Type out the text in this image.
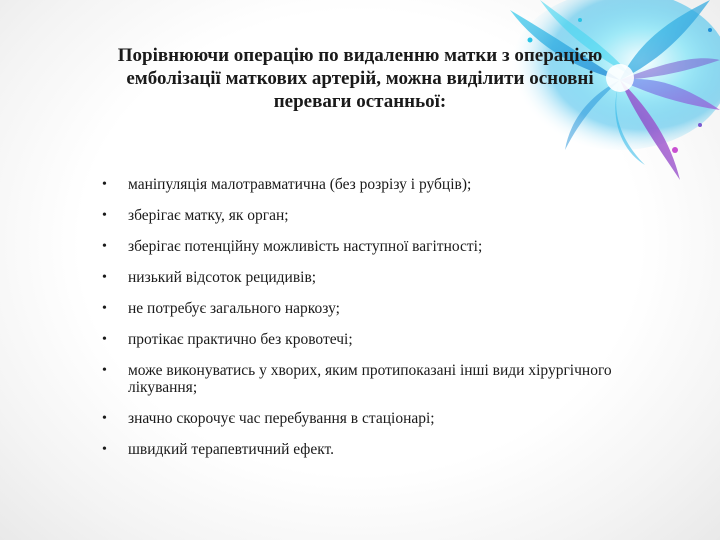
Порівнюючи операцію по видаленню матки з операцією емболізації маткових артерій, можна виділити основні переваги останньої:
• маніпуляція малотравматична (без розрізу і рубців);
• зберігає матку, як орган;
• зберігає потенційну можливість наступної вагітності;
• низький відсоток рецидивів;
• не потребує загального наркозу;
• протікає практично без кровотечі;
• може виконуватись у хворих, яким протипоказані інші види хірургічного лікування;
• значно скорочує час перебування в стаціонарі;
• швидкий терапевтичний ефект.
